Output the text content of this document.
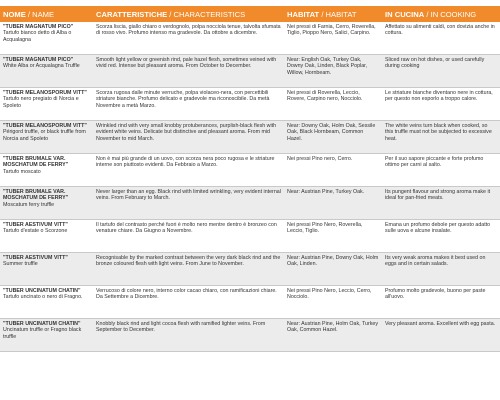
NOME / NAME	CARATTERISTICHE / CHARACTERISTICS	HABITAT / HABITAT	IN CUCINA / IN COOKING

"TUBER MAGNATUM PICO"
Tartufo bianco detto di Alba o Acqualagna	Scorza liscia, giallo chiaro o verdognolo, polpa nocciola tenue, talvolta sfumata di rosso vivo. Profumo intenso ma gradevole. Da ottobre a dicembre.	Nei pressi di Farnia, Cerro, Roverella, Tiglio, Pioppo Nero, Salici, Carpino.	Affettato su alimenti caldi, con dovizia anche in cottura.

"TUBER MAGNATUM PICO"
White Alba or Acqualagna Truffle	Smooth light yellow or greenish rind, pale hazel flesh, sometimes veined with vivid red. Intense but pleasant aroma. From October to December.	Near: English Oak, Turkey Oak, Downy Oak, Linden, Black Poplar, Willow, Hornbeam.	Sliced raw on hot dishes, or used carefully during cooking

"TUBER MELANOSPORUM VITT"
Tartufo nero pregiato di Norcia e Spoleto	Scorza rugosa dalle minute verruche, polpa violaceo-nera, con percettibili striature bianche. Profumo delicato e gradevole ma riconoscibile. Da metà Novembre a metà Marzo.	Nei pressi di Roverella, Leccio, Rovere, Carpino nero, Nocciolo.	Le striature bianche diventano nere in cottura, per questo non esporlo a troppo calore.

"TUBER MELANOSPORUM VITT"
Périgord truffle, or black truffle from Norcia and Spoleto	Wrinkled rind with very small knobby protuberances, purplish-black flesh with evident white veins. Delicate but distinctive and pleasant aroma. From mid November to mid March.	Near: Downy Oak, Holm Oak, Sessile Oak, Black Hornbeam, Common Hazel.	The white veins turn black when cooked, so this truffle must not be subjected to excessive heat.

"TUBER BRUMALE VAR. MOSCHATUM DE FERRY"
Tartufo moscato	Non è mai più grande di un uovo, con scorza nera poco rugosa e le striature interne son piuttosto evidenti. Da Febbraio a Marzo.	Nei pressi Pino nero, Cerro.	Per il suo sapore piccante e forte profumo ottimo per carni al salto.

"TUBER BRUMALE VAR. MOSCHATUM DE FERRY"
Moscatum ferry truffle	Never larger than an egg. Black rind with limited wrinkling, very evident internal veins. From February to March.	Near: Austrian Pine, Turkey Oak.	Its pungent flavour and strong aroma make it ideal for pan-fried meats.

"TUBER AESTIVUM VITT"
Tartufo d'estate o Scorzone	Il tartufo del contrasto perché fuori è molto nero mentre dentro è bronzeo con venature chiare. Da Giugno a Novembre.	Nei pressi Pino Nero, Roverella, Leccio, Tiglio.	Emana un profumo debole per questo adatto sulle uova e alcune insalate.

"TUBER AESTIVUM VITT"
Summer truffle	Recognisable by the marked contrast between the very dark black rind and the bronze coloured flesh with light veins. From June to November.	Near: Austrian Pine, Downy Oak, Holm Oak, Linden.	Its very weak aroma makes it best used on eggs and in certain salads.

"TUBER UNCINATUM CHATIN"
Tartufo uncinato o nero di Fragno.	Verrucoso di colore nero, interno color cacao chiaro, con ramificazioni chiare. Da Settembre a Dicembre.	Nei pressi Pino Nero, Leccio, Cerro, Nocciolo.	Profumo molto gradevole, buono per paste all'uovo.

"TUBER UNCINATUM CHATIN"
Uncinatum truffle or Fragno black truffle	Knobbly black rind and light cocoa flesh with ramified lighter veins. From September to December.	Near: Austrian Pine, Holm Oak, Turkey Oak, Common Hazel.	Very pleasant aroma. Excellent with egg pasta.
